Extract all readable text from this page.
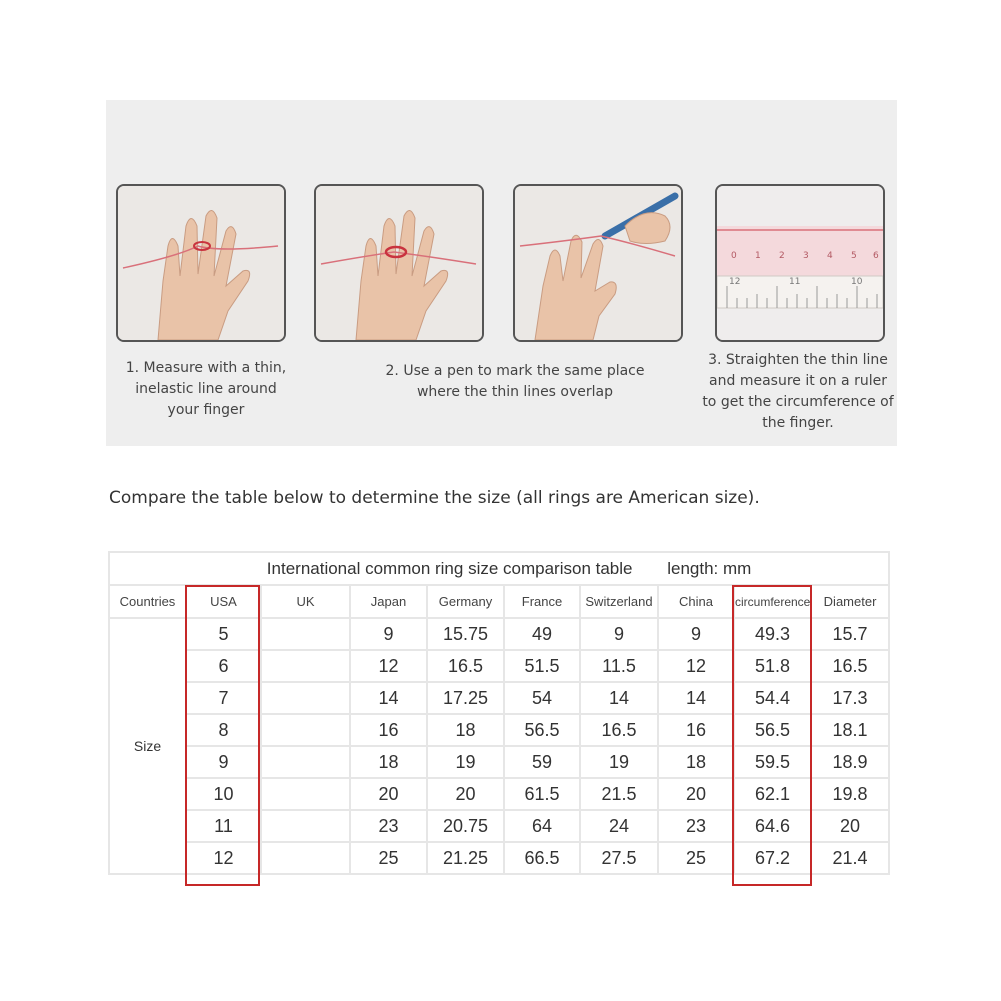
0 1 2 3 4 5 6
12	11	10
1. Measure with a thin,
inelastic line around
your finger
2. Use a pen to mark the same place
where the thin lines overlap
3. Straighten the thin line
and measure it on a ruler
to get the circumference of
the finger.
Compare the table below to determine the size (all rings are American size).
International common ring size comparison table length: mm									
Countries	USA	UK	Japan	Germany	France	Switzerland	China	circumference	Diameter
Size	5		9	15.75	49	9	9	49.3	15.7
	6		12	16.5	51.5	11.5	12	51.8	16.5
	7		14	17.25	54	14	14	54.4	17.3
	8		16	18	56.5	16.5	16	56.5	18.1
	9		18	19	59	19	18	59.5	18.9
	10		20	20	61.5	21.5	20	62.1	19.8
	11		23	20.75	64	24	23	64.6	20
	12		25	21.25	66.5	27.5	25	67.2	21.4
